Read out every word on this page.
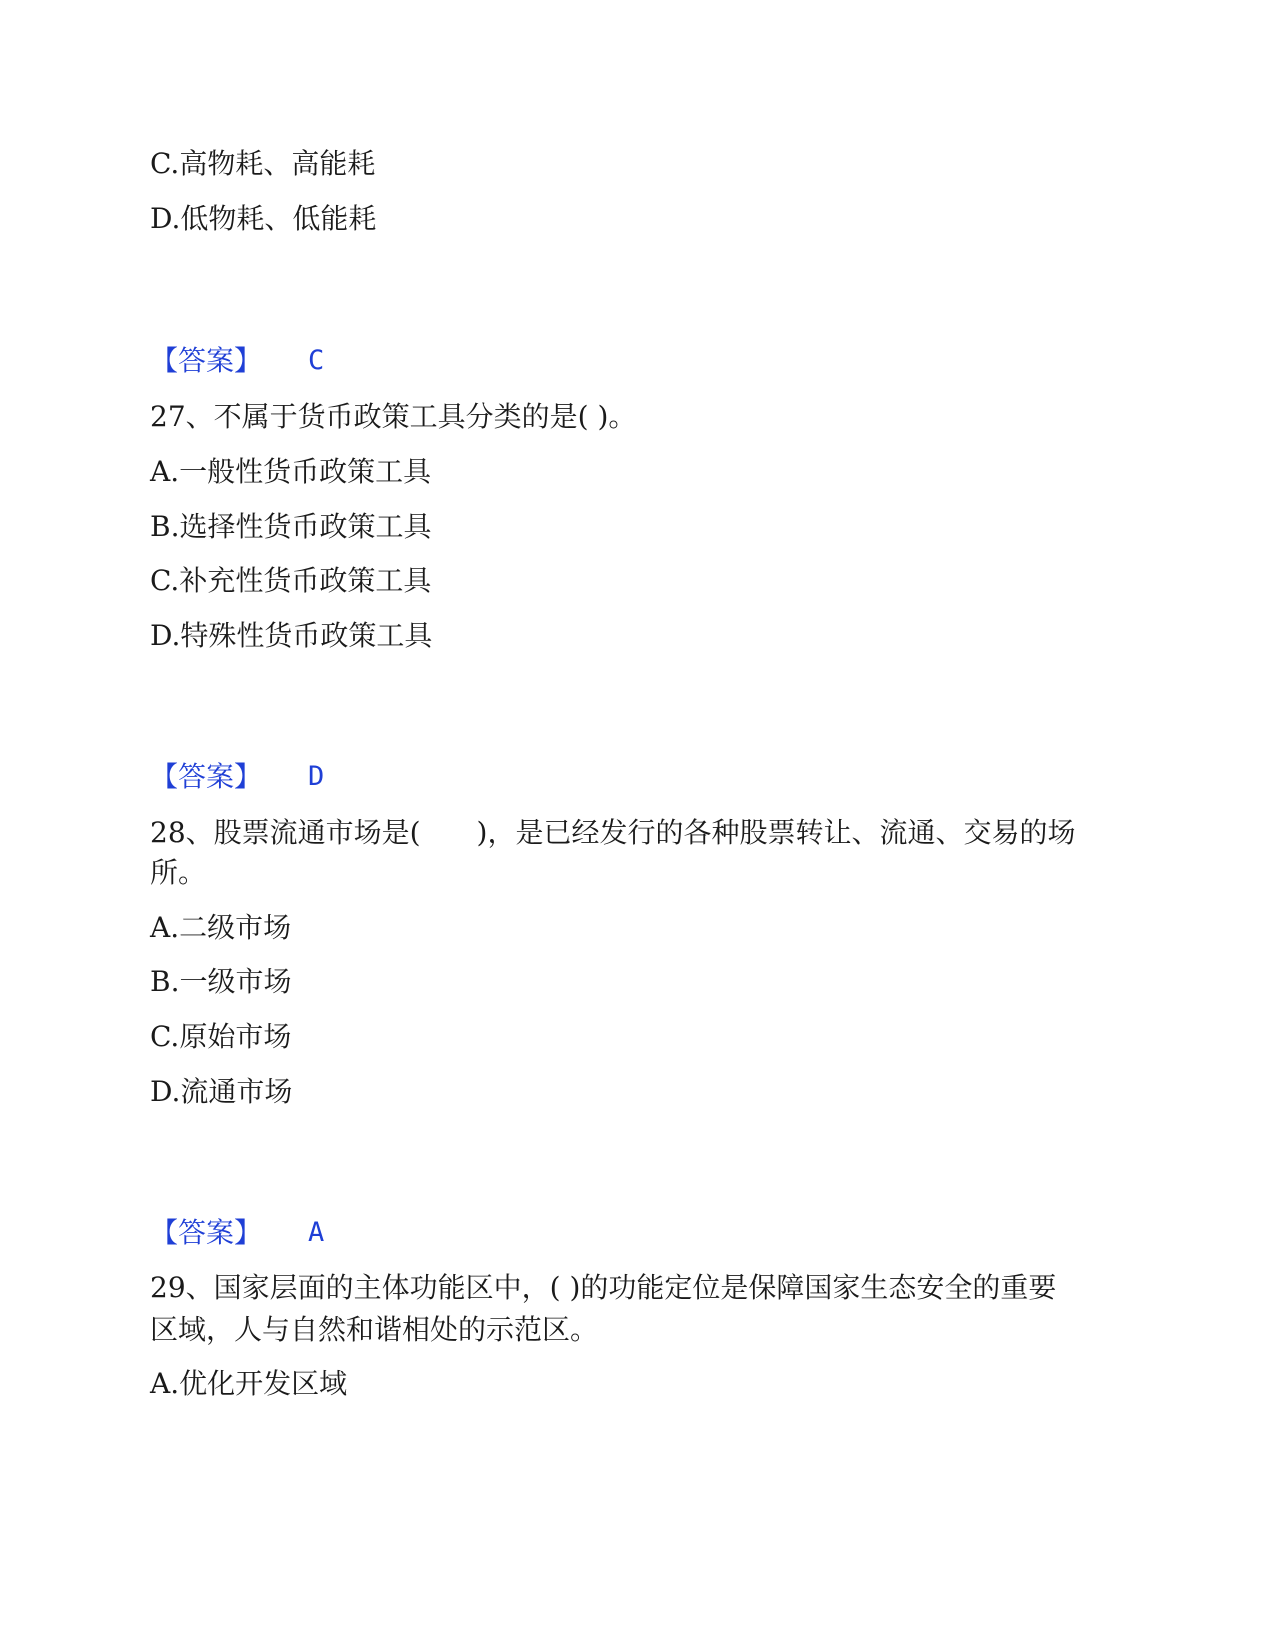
C.高物耗、高能耗
D.低物耗、低能耗
【答案】 C
27、不属于货币政策工具分类的是( )。
A.一般性货币政策工具
B.选择性货币政策工具
C.补充性货币政策工具
D.特殊性货币政策工具
【答案】 D
28、股票流通市场是(　　)，是已经发行的各种股票转让、流通、交易的场
所。
A.二级市场
B.一级市场
C.原始市场
D.流通市场
【答案】 A
29、国家层面的主体功能区中，( )的功能定位是保障国家生态安全的重要
区域，人与自然和谐相处的示范区。
A.优化开发区域
